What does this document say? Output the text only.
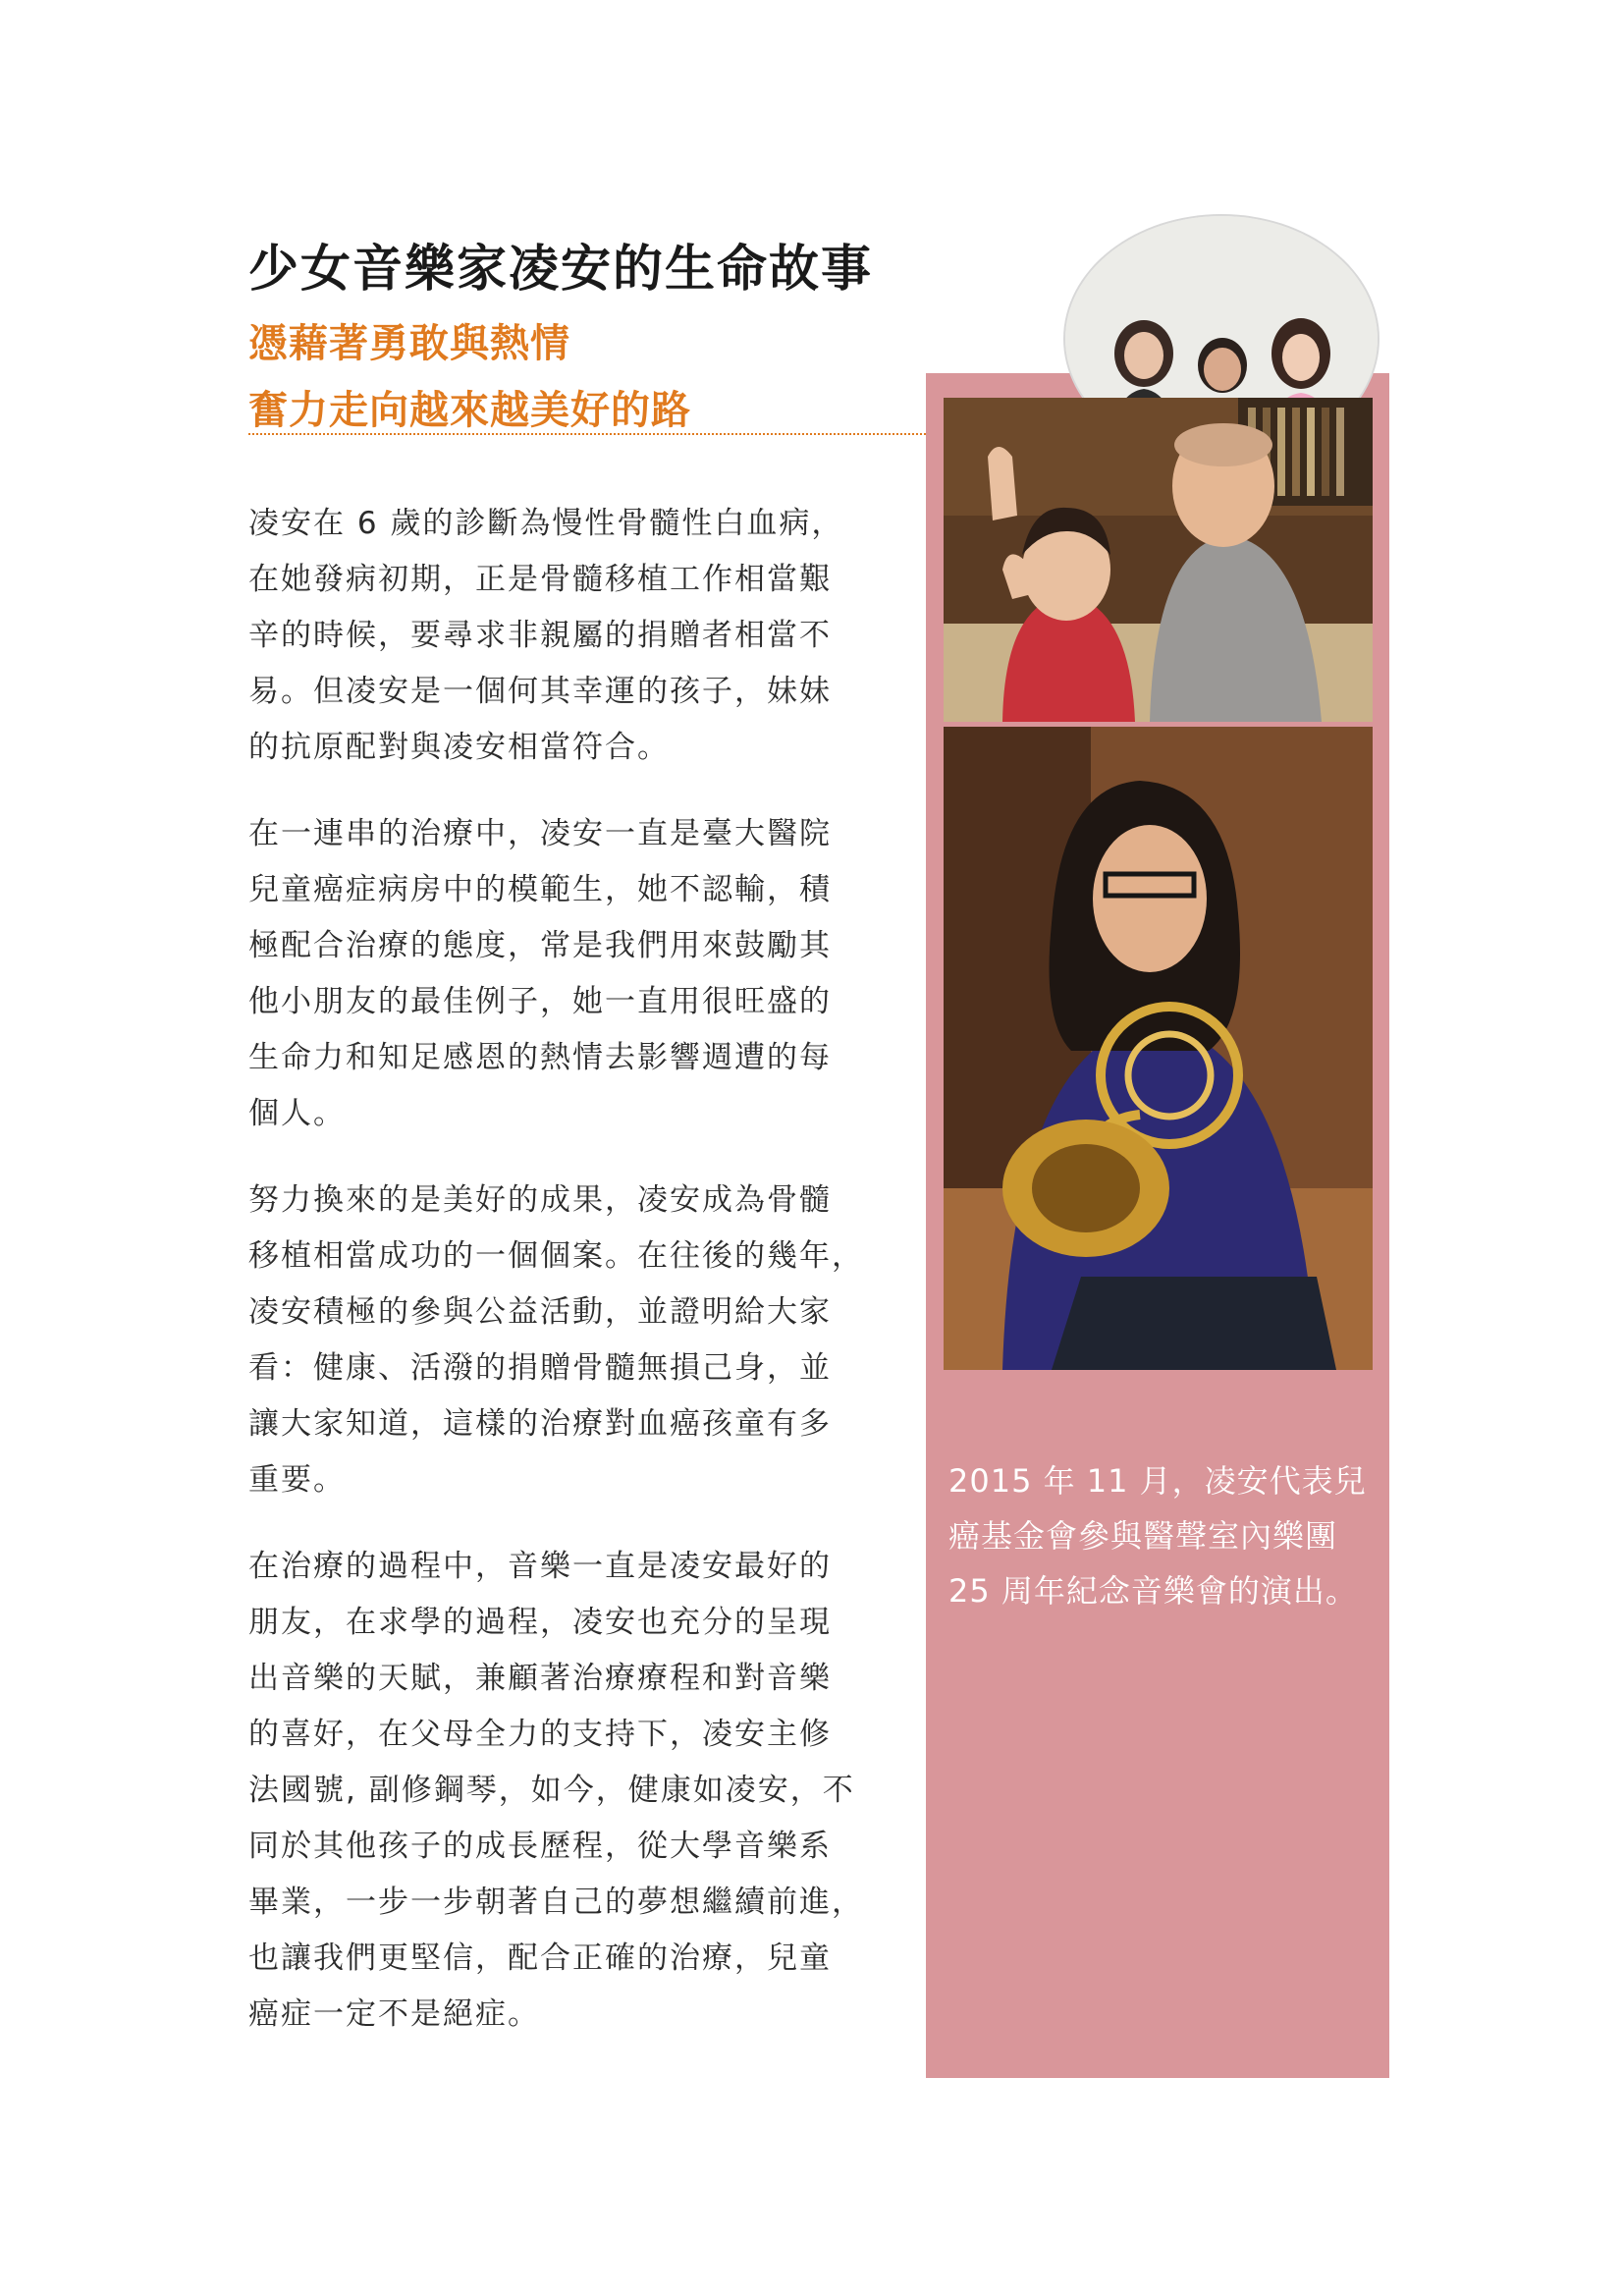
少女音樂家凌安的生命故事
憑藉著勇敢與熱情
奮力走向越來越美好的路

凌安在 6 歲的診斷為慢性骨髓性白血病，
在她發病初期，正是骨髓移植工作相當艱
辛的時候，要尋求非親屬的捐贈者相當不
易。但凌安是一個何其幸運的孩子，妹妹
的抗原配對與凌安相當符合。

在一連串的治療中，凌安一直是臺大醫院
兒童癌症病房中的模範生，她不認輸，積
極配合治療的態度，常是我們用來鼓勵其
他小朋友的最佳例子，她一直用很旺盛的
生命力和知足感恩的熱情去影響週遭的每
個人。

努力換來的是美好的成果，凌安成為骨髓
移植相當成功的一個個案。在往後的幾年，
凌安積極的參與公益活動，並證明給大家
看：健康、活潑的捐贈骨髓無損己身，並
讓大家知道，這樣的治療對血癌孩童有多
重要。

在治療的過程中，音樂一直是凌安最好的
朋友，在求學的過程，凌安也充分的呈現
出音樂的天賦，兼顧著治療療程和對音樂
的喜好，在父母全力的支持下，凌安主修
法國號, 副修鋼琴，如今，健康如凌安，不
同於其他孩子的成長歷程，從大學音樂系
畢業，一步一步朝著自己的夢想繼續前進，
也讓我們更堅信，配合正確的治療，兒童
癌症一定不是絕症。

2015 年 11 月，凌安代表兒

癌基金會參與醫聲室內樂團

25 周年紀念音樂會的演出。
